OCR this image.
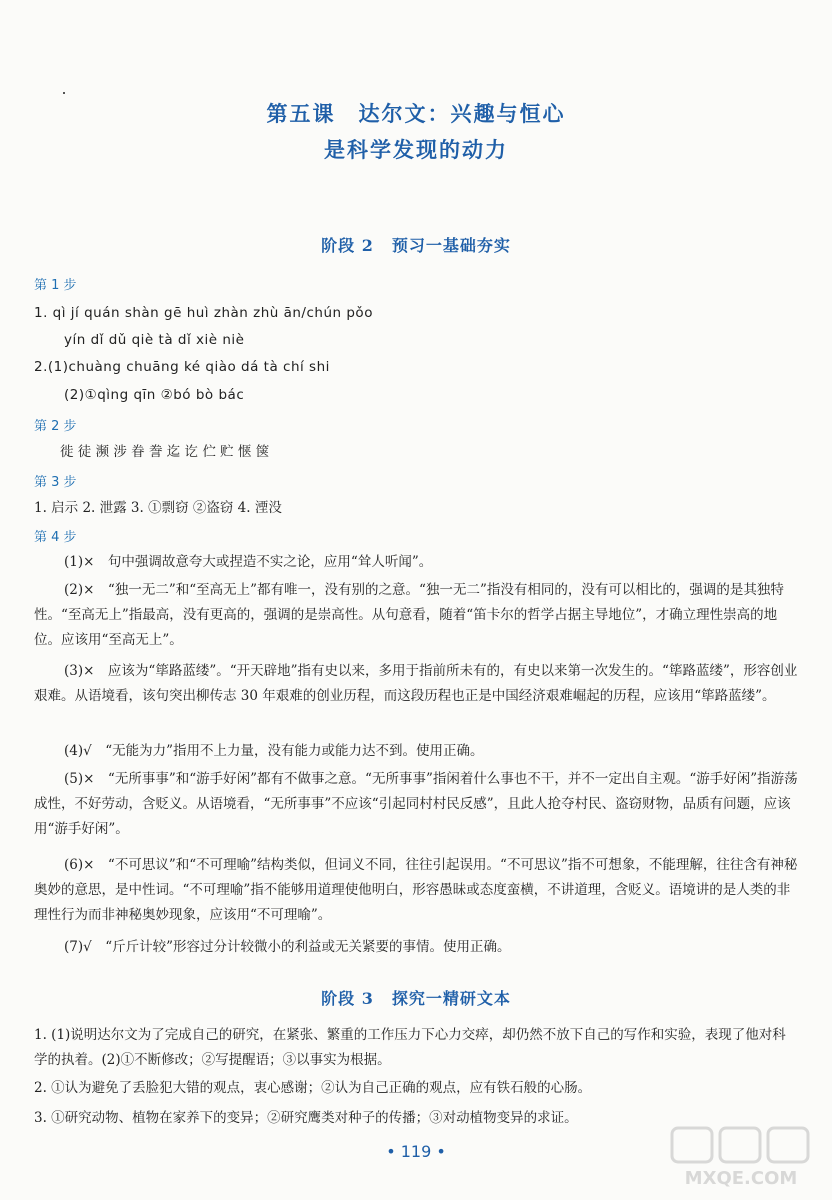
第五课　达尔文：兴趣与恒心
是科学发现的动力
阶段 2 预习一基础夯实
第 1 步
1. qì jí quán shàn gē huì zhàn zhù ān/chún pǒo
yín dǐ dǔ qiè tà dǐ xiè niè
2.(1)chuàng chuāng ké qiào dá tà chí shi
(2)①qìng qīn ②bó bò bác
第 2 步
徙 徒 濒 涉 眷 誊 迄 讫 伫 贮 惬 箧
第 3 步
1. 启示 2. 泄露 3. ①剽窃 ②盗窃 4. 湮没
第 4 步
(1)×　句中强调故意夸大或捏造不实之论，应用“耸人听闻”。
(2)×　“独一无二”和“至高无上”都有唯一，没有别的之意。“独一无二”指没有相同的，没有可以相比的，强调的是其独特性。“至高无上”指最高，没有更高的，强调的是崇高性。从句意看，随着“笛卡尔的哲学占据主导地位”，才确立理性崇高的地位。应该用“至高无上”。
(3)×　应该为“筚路蓝缕”。“开天辟地”指有史以来，多用于指前所未有的，有史以来第一次发生的。“筚路蓝缕”，形容创业艰难。从语境看，该句突出柳传志 30 年艰难的创业历程，而这段历程也正是中国经济艰难崛起的历程，应该用“筚路蓝缕”。
(4)√　“无能为力”指用不上力量，没有能力或能力达不到。使用正确。
(5)×　“无所事事”和“游手好闲”都有不做事之意。“无所事事”指闲着什么事也不干，并不一定出自主观。“游手好闲”指游荡成性，不好劳动，含贬义。从语境看，“无所事事”不应该“引起同村村民反感”，且此人抢夺村民、盗窃财物，品质有问题，应该用“游手好闲”。
(6)×　“不可思议”和“不可理喻”结构类似，但词义不同，往往引起误用。“不可思议”指不可想象，不能理解，往往含有神秘奥妙的意思，是中性词。“不可理喻”指不能够用道理使他明白，形容愚昧或态度蛮横，不讲道理，含贬义。语境讲的是人类的非理性行为而非神秘奥妙现象，应该用“不可理喻”。
(7)√　“斤斤计较”形容过分计较微小的利益或无关紧要的事情。使用正确。
阶段 3 探究一精研文本
1. (1)说明达尔文为了完成自己的研究，在紧张、繁重的工作压力下心力交瘁，却仍然不放下自己的写作和实验，表现了他对科学的执着。(2)①不断修改；②写提醒语；③以事实为根据。
2. ①认为避免了丢脸犯大错的观点，衷心感谢；②认为自己正确的观点，应有铁石般的心肠。
3. ①研究动物、植物在家养下的变异；②研究鹰类对种子的传播；③对动植物变异的求证。
• 119 •
MXQE.COM
